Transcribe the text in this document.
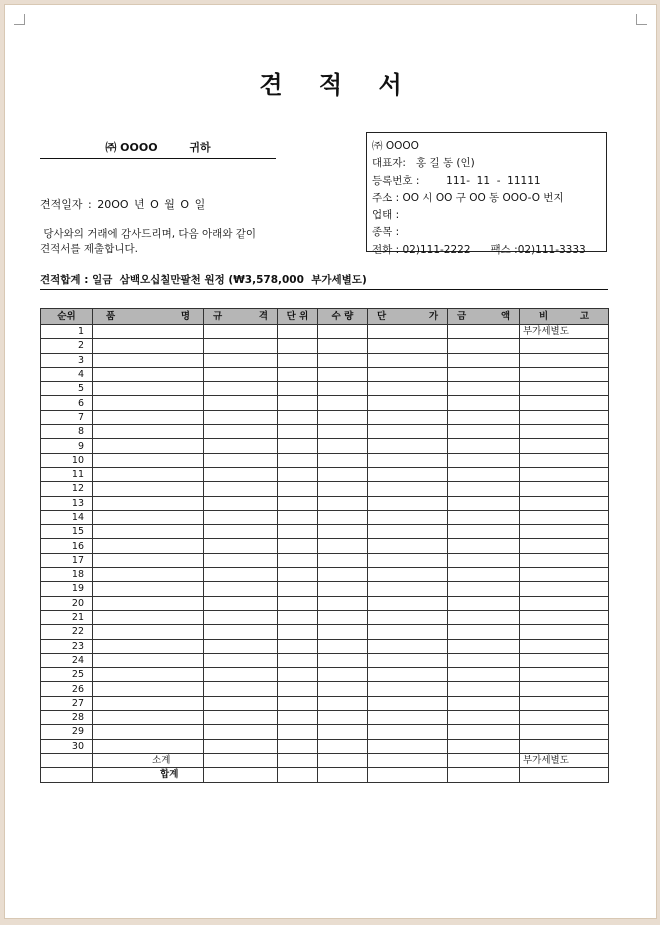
견 적 서
㈜ OOOO	귀하
견적일자 : 20OO 년 O 월 O 일
당사와의 거래에 감사드리며, 다음 아래와 같이
견적서를 제출합니다.
㈜ OOOO
대표자:   홍 길 동 (인)
등록번호 :        111-  11  -  11111
주소 : OO 시 OO 구 OO 동 OOO-O 번지
업태 :
종목 :
전화 : 02)111-2222      팩스 :02)111-3333
견적합계 : 일금  삼백오십칠만팔천 원정 (₩3,578,000  부가세별도)
순위	품 명	규 격	단 위	수 량	단 가	금 액	비 고

1							부가세별도
2							
3							
4							
5							
6							
7							
8							
9							
10							
11							
12							
13							
14							
15							
16							
17							
18							
19							
20							
21							
22							
23							
24							
25							
26							
27							
28							
29							
30							

	소 계						부가세별도

	합 계						
